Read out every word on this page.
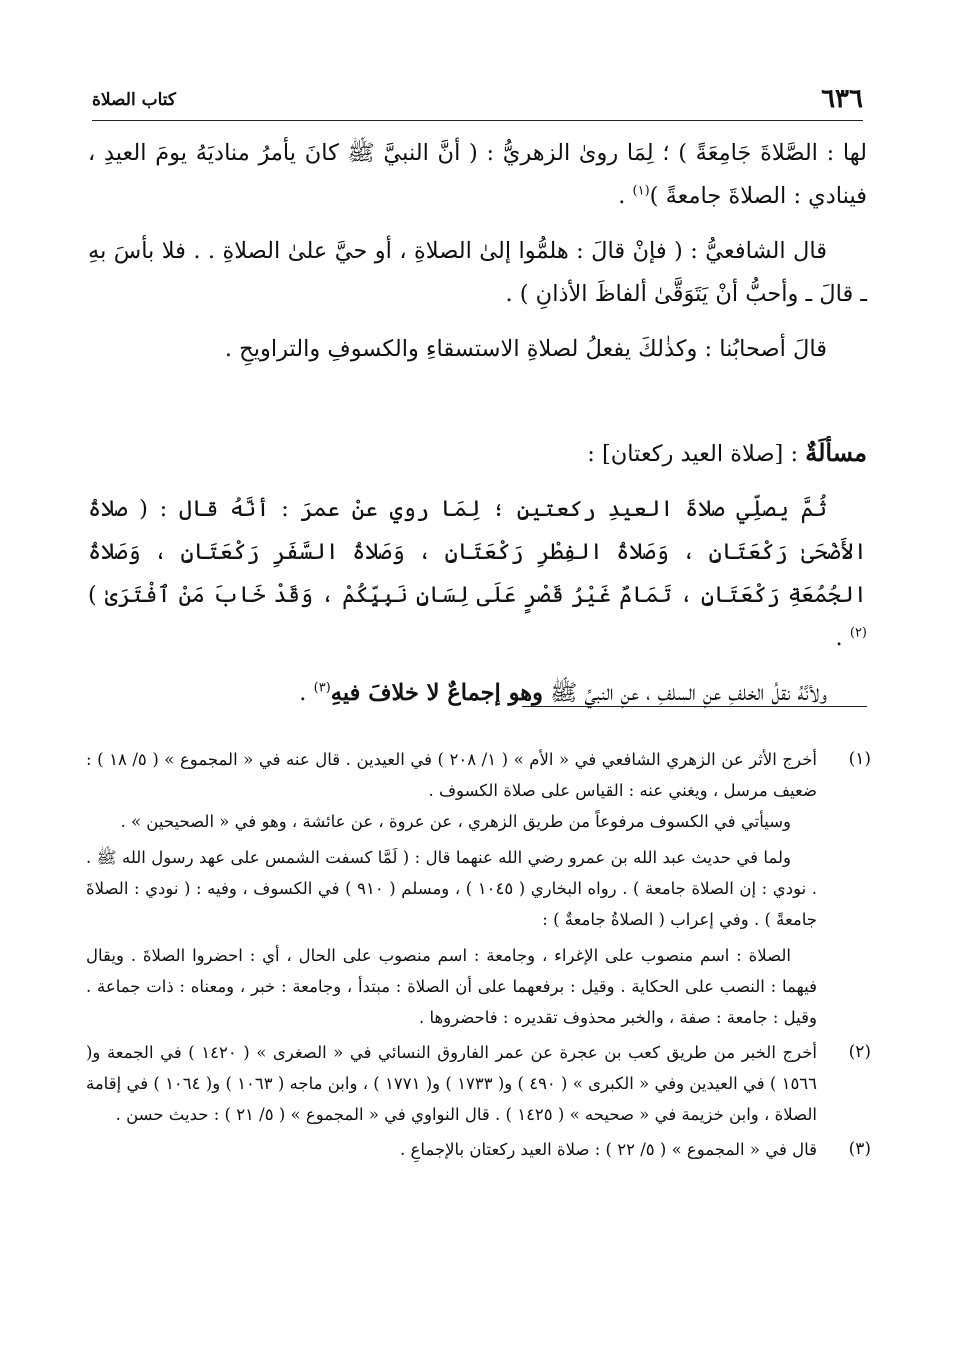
٦٣٦
كتاب الصلاة

لها : الصَّلاةَ جَامِعَةً ) ؛ لِمَا روىٰ الزهريُّ : ( أنَّ النبيَّ ﷺ كانَ يأمرُ مناديَهُ يومَ العيدِ ، فينادي : الصلاةَ جامعةً )$^{(١)}$ .

قال الشافعيُّ : ( فإنْ قالَ : هلمُّوا إلىٰ الصلاةِ ، أو حيَّ علىٰ الصلاةِ . . فلا بأسَ بهِ ـ قالَ ـ وأحبُّ أنْ يَتَوَقَّىٰ ألفاظَ الأذانِ ) .

قالَ أصحابُنا : وكذٰلكَ يفعلُ لصلاةِ الاستسقاءِ والكسوفِ والتراويحِ .

مسألَةٌ : [صلاة العيد ركعتان] :

ثُمَّ يصلِّي صلاةَ العيدِ ركعتينِ ؛ لِمَا روي عنْ عمرَ : أنَّهُ قال : ( صلاةُ الأَضْحَىٰ رَكْعَتَانِ ، وَصَلاةُ الفِطْرِ رَكْعَتَانِ ، وَصَلاةُ السَّفَرِ رَكْعَتَانِ ، وَصَلاةُ الجُمُعَةِ رَكْعَتَانِ ، تَمَامٌ غَيْرُ قَصْرٍ عَلَى لِسَانِ نَبِيِّكُمْ ، وَقَدْ خَابَ مَنْ ٱفْتَرَىٰ )$^{(٢)}$ .

ولأنَّهُ نقلُ الخلفِ عنِ السلفِ ، عنِ النبيِّ ﷺ وهو إجماعٌ لا خلافَ فيهِ$^{(٣)}$ .

(١)

أخرج الأثر عن الزهري الشافعي في « الأم » ( ١/ ٢٠٨ ) في العيدين . قال عنه في « المجموع » ( ٥/ ١٨ ) : ضعيف مرسل ، ويغني عنه : القياس على صلاة الكسوف .

وسيأتي في الكسوف مرفوعاً من طريق الزهري ، عن عروة ، عن عائشة ، وهو في « الصحيحين » .

ولما في حديث عبد الله بن عمرو رضي الله عنهما قال : ( لَمَّا كسفت الشمس على عهد رسول الله ﷺ . . نودي : إن الصلاة جامعة ) . رواه البخاري ( ١٠٤٥ ) ، ومسلم ( ٩١٠ ) في الكسوف ، وفيه : ( نودي : الصلاةَ جامعةً ) . وفي إعراب ( الصلاةُ جامعةٌ ) :

الصلاة : اسم منصوب على الإغراء ، وجامعة : اسم منصوب على الحال ، أي : احضروا الصلاةَ . ويقال فيهما : النصب على الحكاية . وقيل : برفعهما على أن الصلاة : مبتدأ ، وجامعة : خبر ، ومعناه : ذات جماعة . وقيل : جامعة : صفة ، والخبر محذوف تقديره : فاحضروها .

(٢)

أخرج الخبر من طريق كعب بن عجرة عن عمر الفاروق النسائي في « الصغرى » ( ١٤٢٠ ) في الجمعة و( ١٥٦٦ ) في العيدين وفي « الكبرى » ( ٤٩٠ ) و( ١٧٣٣ ) و( ١٧٧١ ) ، وابن ماجه ( ١٠٦٣ ) و( ١٠٦٤ ) في إقامة الصلاة ، وابن خزيمة في « صحيحه » ( ١٤٢٥ ) . قال النواوي في « المجموع » ( ٥/ ٢١ ) : حديث حسن .

(٣)

قال في « المجموع » ( ٥/ ٢٢ ) : صلاة العيد ركعتان بالإجماعِ .
